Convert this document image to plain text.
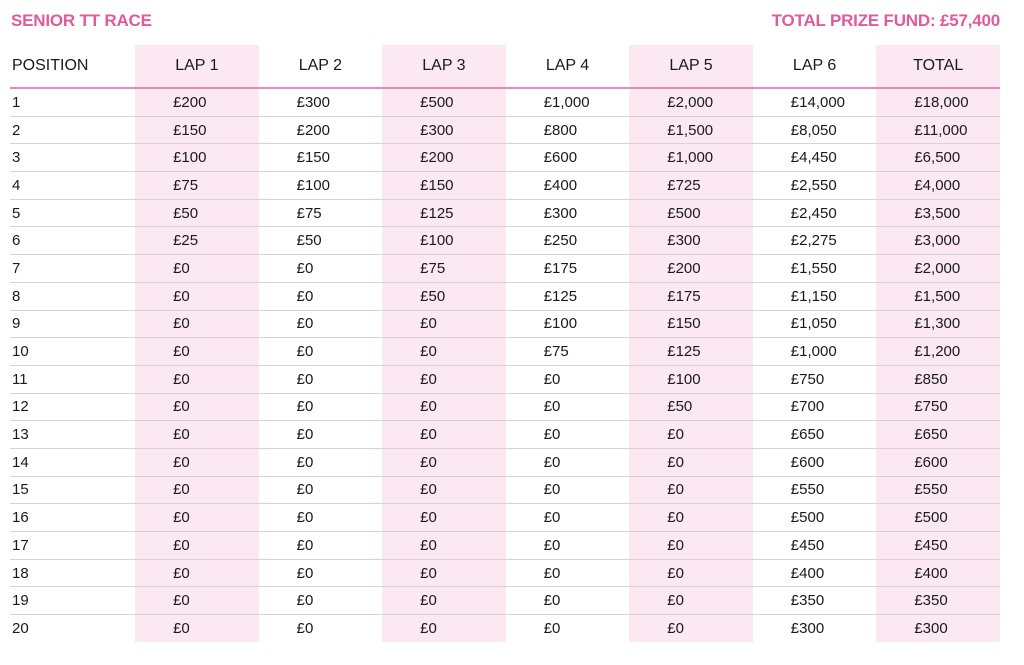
SENIOR TT RACE	TOTAL PRIZE FUND: £57,400
POSITION	LAP 1	LAP 2	LAP 3	LAP 4	LAP 5	LAP 6	TOTAL
1	£200	£300	£500	£1,000	£2,000	£14,000	£18,000
2	£150	£200	£300	£800	£1,500	£8,050	£11,000
3	£100	£150	£200	£600	£1,000	£4,450	£6,500
4	£75	£100	£150	£400	£725	£2,550	£4,000
5	£50	£75	£125	£300	£500	£2,450	£3,500
6	£25	£50	£100	£250	£300	£2,275	£3,000
7	£0	£0	£75	£175	£200	£1,550	£2,000
8	£0	£0	£50	£125	£175	£1,150	£1,500
9	£0	£0	£0	£100	£150	£1,050	£1,300
10	£0	£0	£0	£75	£125	£1,000	£1,200
11	£0	£0	£0	£0	£100	£750	£850
12	£0	£0	£0	£0	£50	£700	£750
13	£0	£0	£0	£0	£0	£650	£650
14	£0	£0	£0	£0	£0	£600	£600
15	£0	£0	£0	£0	£0	£550	£550
16	£0	£0	£0	£0	£0	£500	£500
17	£0	£0	£0	£0	£0	£450	£450
18	£0	£0	£0	£0	£0	£400	£400
19	£0	£0	£0	£0	£0	£350	£350
20	£0	£0	£0	£0	£0	£300	£300
